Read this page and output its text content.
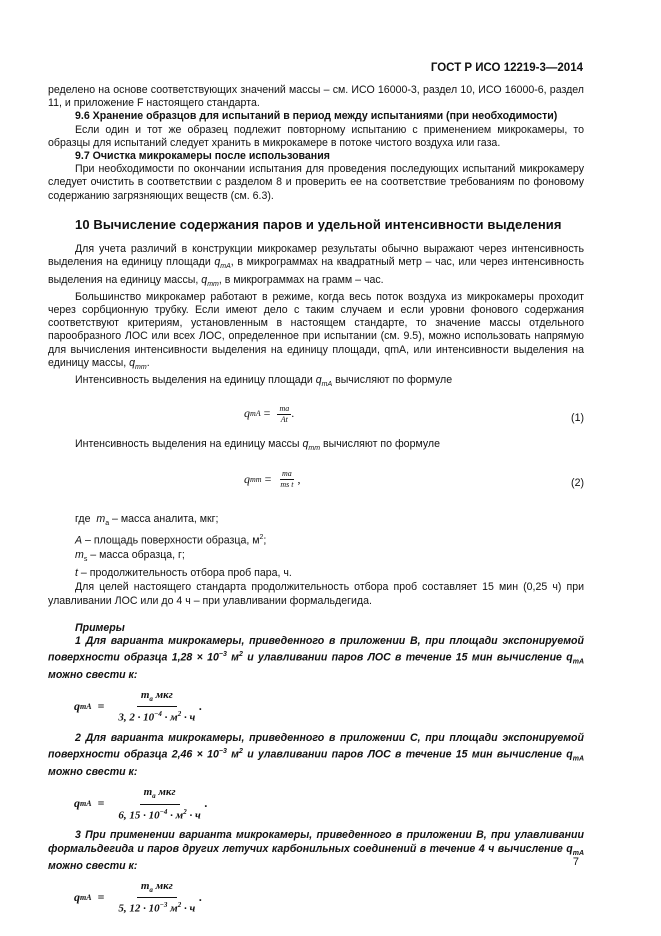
ГОСТ Р ИСО 12219-3—2014

ределено на основе соответствующих значений массы – см. ИСО 16000-3, раздел 10, ИСО 16000-6, раздел 11, и приложение F настоящего стандарта.

9.6 Хранение образцов для испытаний в период между испытаниями (при необходимости)

Если один и тот же образец подлежит повторному испытанию с применением микрокамеры, то образцы для испытаний следует хранить в микрокамере в потоке чистого воздуха или газа.

9.7 Очистка микрокамеры после использования

При необходимости по окончании испытания для проведения последующих испытаний микрокамеру следует очистить в соответствии с разделом 8 и проверить ее на соответствие требованиям по фоновому содержанию загрязняющих веществ (см. 6.3).

10 Вычисление содержания паров и удельной интенсивности выделения

Для учета различий в конструкции микрокамер результаты обычно выражают через интенсивность выделения на единицу площади $q_{mA}$, в микрограммах на квадратный метр – час, или через интенсивность выделения на единицу массы, $q_{mm}$, в микрограммах на грамм – час.

Большинство микрокамер работают в режиме, когда весь поток воздуха из микрокамеры проходит через сорбционную трубку. Если имеют дело с таким случаем и если уровни фонового содержания соответствуют критериям, установленным в настоящем стандарте, то значение массы отдельного парообразного ЛОС или всех ЛОС, определенное при испытании (см. 9.5), можно использовать напрямую для вычисления интенсивности выделения на единицу площади, qmA, или интенсивности выделения на единицу массы, $q_{mm}$.

Интенсивность выделения на единицу площади $q_{mA}$ вычисляют по формуле

q mA = $\frac{ma}{At}$ .	(1)

Интенсивность выделения на единицу массы $q_{mm}$ вычисляют по формуле

q mm = $\frac{ma}{\text{ms t}}$ ,	(2)

где $m_a$ – масса аналита, мкг;

A – площадь поверхности образца, $м^2$;

$m_s$ – масса образца, г;

t – продолжительность отбора проб пара, ч.

Для целей настоящего стандарта продолжительность отбора проб составляет 15 мин (0,25 ч) при улавливании ЛОС или до 4 ч – при улавливании формальдегида.

Примеры

1 Для варианта микрокамеры, приведенного в приложении В, при площади экспонируемой поверхности образца $1,28 \times 10^{-3}$ $м^2$ и улавливании паров ЛОС в течение 15 мин вычисление $q_{mA}$ можно свести к:

q mA = $\frac{m_a мкг}{3, 2 \cdot 10^{-4} \cdot м^2 \cdot ч}$ .

2 Для варианта микрокамеры, приведенного в приложении С, при площади экспонируемой поверхности образца $2,46 \times 10^{-3}$ $м^2$ и улавливании паров ЛОС в течение 15 мин вычисление $q_{mA}$ можно свести к:

q mA = $\frac{m_a мкг}{6, 15 \cdot 10^{-4} \cdot м^2 \cdot ч}$ .

3 При применении варианта микрокамеры, приведенного в приложении В, при улавливании формальдегида и паров других летучих карбонильных соединений в течение 4 ч вычисление $q_{mA}$ можно свести к:

q mA = $\frac{m_a мкг}{5, 12 \cdot 10^{-3} м^2 \cdot ч}$ .
7
